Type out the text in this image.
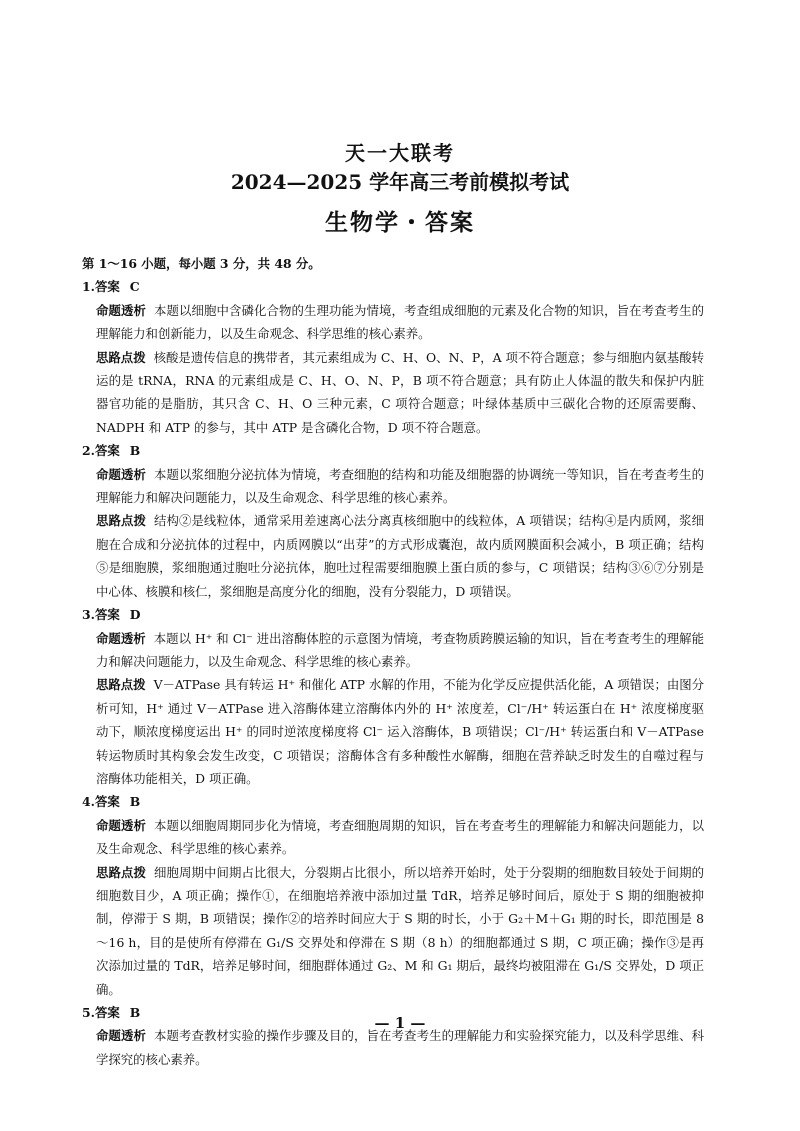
天一大联考
2024—2025 学年高三考前模拟考试
生物学・答案
第 1～16 小题，每小题 3 分，共 48 分。
1.答案 C
命题透析 本题以细胞中含磷化合物的生理功能为情境，考查组成细胞的元素及化合物的知识，旨在考查考生的理解能力和创新能力，以及生命观念、科学思维的核心素养。
思路点拨 核酸是遗传信息的携带者，其元素组成为 C、H、O、N、P，A 项不符合题意；参与细胞内氨基酸转运的是 tRNA，RNA 的元素组成是 C、H、O、N、P，B 项不符合题意；具有防止人体温的散失和保护内脏器官功能的是脂肪，其只含 C、H、O 三种元素，C 项符合题意；叶绿体基质中三碳化合物的还原需要酶、NADPH 和 ATP 的参与，其中 ATP 是含磷化合物，D 项不符合题意。
2.答案 B
命题透析 本题以浆细胞分泌抗体为情境，考查细胞的结构和功能及细胞器的协调统一等知识，旨在考查考生的理解能力和解决问题能力，以及生命观念、科学思维的核心素养。
思路点拨 结构②是线粒体，通常采用差速离心法分离真核细胞中的线粒体，A 项错误；结构④是内质网，浆细胞在合成和分泌抗体的过程中，内质网膜以“出芽”的方式形成囊泡，故内质网膜面积会减小，B 项正确；结构⑤是细胞膜，浆细胞通过胞吐分泌抗体，胞吐过程需要细胞膜上蛋白质的参与，C 项错误；结构③⑥⑦分别是中心体、核膜和核仁，浆细胞是高度分化的细胞，没有分裂能力，D 项错误。
3.答案 D
命题透析 本题以 H⁺ 和 Cl⁻ 进出溶酶体腔的示意图为情境，考查物质跨膜运输的知识，旨在考查考生的理解能力和解决问题能力，以及生命观念、科学思维的核心素养。
思路点拨 V－ATPase 具有转运 H⁺ 和催化 ATP 水解的作用，不能为化学反应提供活化能，A 项错误；由图分析可知，H⁺ 通过 V－ATPase 进入溶酶体建立溶酶体内外的 H⁺ 浓度差，Cl⁻/H⁺ 转运蛋白在 H⁺ 浓度梯度驱动下，顺浓度梯度运出 H⁺ 的同时逆浓度梯度将 Cl⁻ 运入溶酶体，B 项错误；Cl⁻/H⁺ 转运蛋白和 V－ATPase 转运物质时其构象会发生改变，C 项错误；溶酶体含有多种酸性水解酶，细胞在营养缺乏时发生的自噬过程与溶酶体功能相关，D 项正确。
4.答案 B
命题透析 本题以细胞周期同步化为情境，考查细胞周期的知识，旨在考查考生的理解能力和解决问题能力，以及生命观念、科学思维的核心素养。
思路点拨 细胞周期中间期占比很大，分裂期占比很小，所以培养开始时，处于分裂期的细胞数目较处于间期的细胞数目少，A 项正确；操作①，在细胞培养液中添加过量 TdR，培养足够时间后，原处于 S 期的细胞被抑制，停滞于 S 期，B 项错误；操作②的培养时间应大于 S 期的时长，小于 G₂＋M＋G₁ 期的时长，即范围是 8～16 h，目的是使所有停滞在 G₁/S 交界处和停滞在 S 期（8 h）的细胞都通过 S 期，C 项正确；操作③是再次添加过量的 TdR，培养足够时间，细胞群体通过 G₂、M 和 G₁ 期后，最终均被阻滞在 G₁/S 交界处，D 项正确。
5.答案 B
命题透析 本题考查教材实验的操作步骤及目的，旨在考查考生的理解能力和实验探究能力，以及科学思维、科学探究的核心素养。
— 1 —
